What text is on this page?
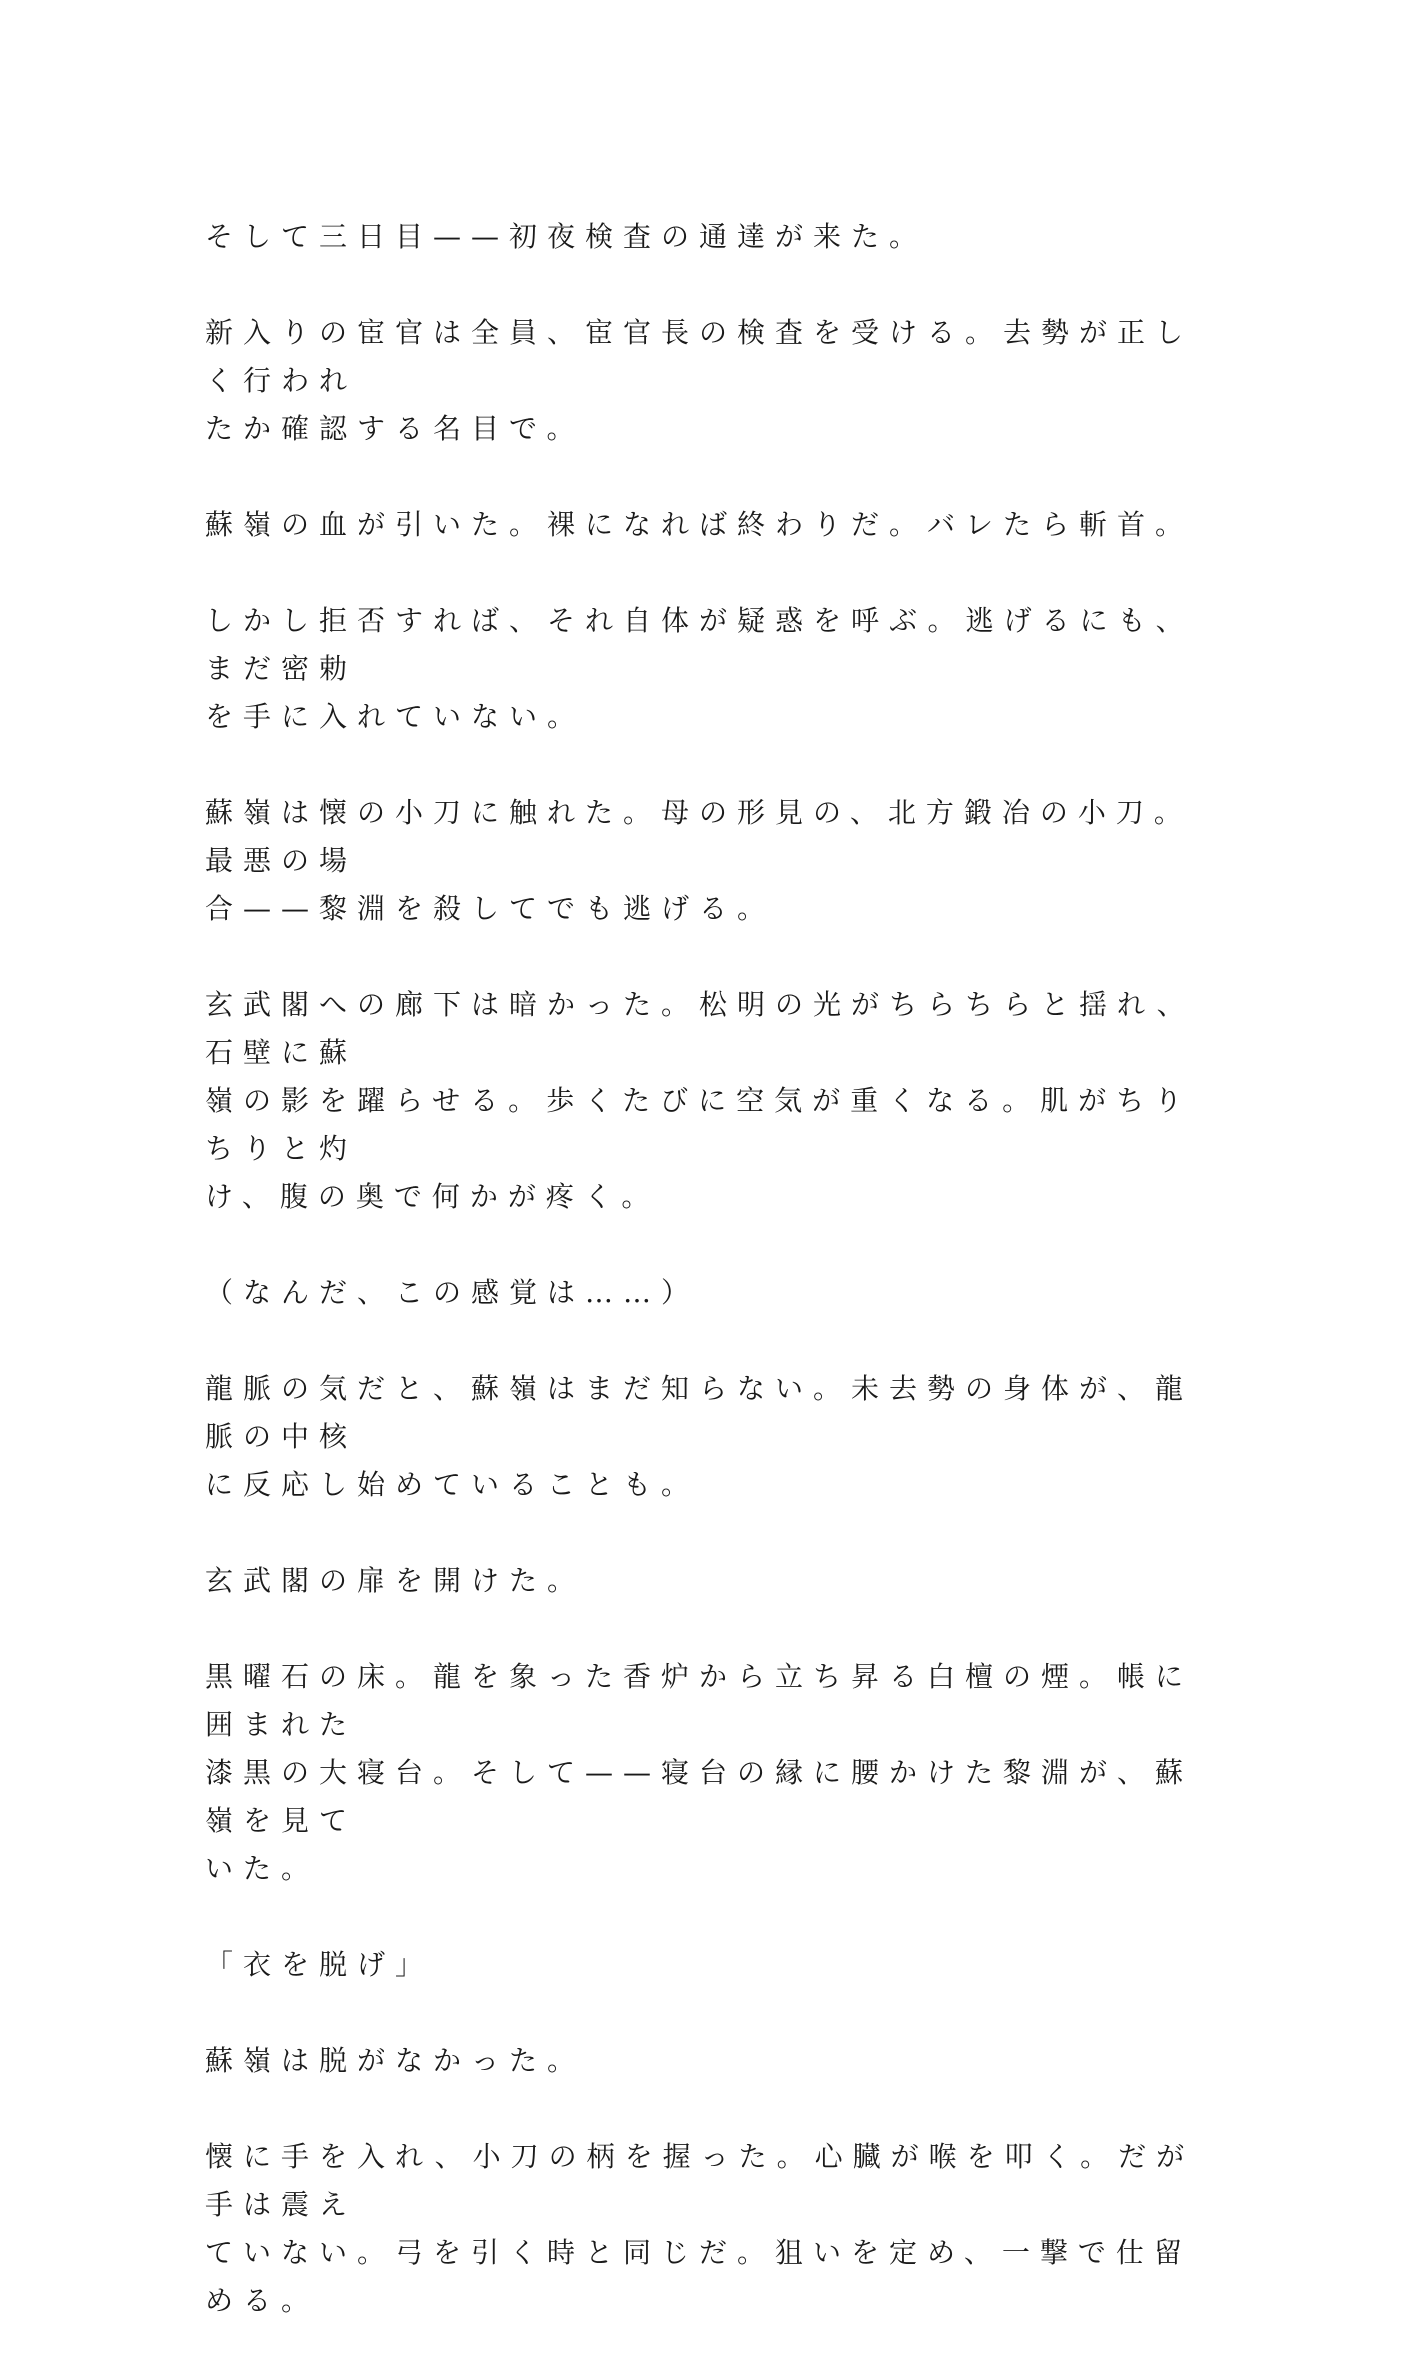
そして三日目——初夜検査の通達が来た。

新入りの宦官は全員、宦官長の検査を受ける。去勢が正しく行われ
たか確認する名目で。

蘇嶺の血が引いた。裸になれば終わりだ。バレたら斬首。

しかし拒否すれば、それ自体が疑惑を呼ぶ。逃げるにも、まだ密勅
を手に入れていない。

蘇嶺は懐の小刀に触れた。母の形見の、北方鍛冶の小刀。最悪の場
合——黎淵を殺してでも逃げる。

玄武閣への廊下は暗かった。松明の光がちらちらと揺れ、石壁に蘇
嶺の影を躍らせる。歩くたびに空気が重くなる。肌がちりちりと灼
け、腹の奥で何かが疼く。

（なんだ、この感覚は……）

龍脈の気だと、蘇嶺はまだ知らない。未去勢の身体が、龍脈の中核
に反応し始めていることも。

玄武閣の扉を開けた。

黒曜石の床。龍を象った香炉から立ち昇る白檀の煙。帳に囲まれた
漆黒の大寝台。そして——寝台の縁に腰かけた黎淵が、蘇嶺を見て
いた。

「衣を脱げ」

蘇嶺は脱がなかった。

懐に手を入れ、小刀の柄を握った。心臓が喉を叩く。だが手は震え
ていない。弓を引く時と同じだ。狙いを定め、一撃で仕留める。
